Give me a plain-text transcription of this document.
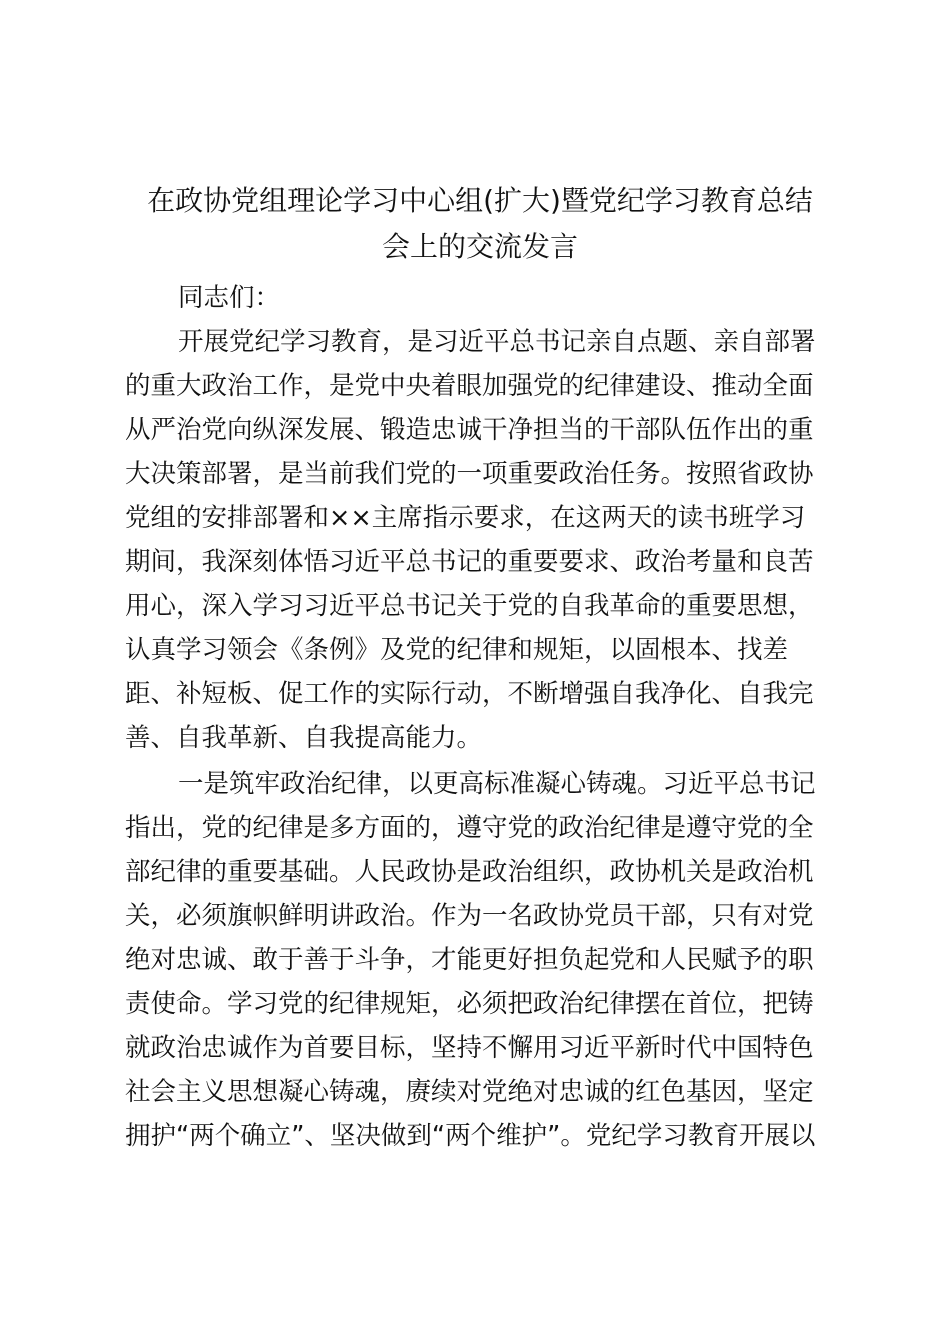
在政协党组理论学习中心组(扩大)暨党纪学习教育总结
会上的交流发言

同志们：

开展党纪学习教育，是习近平总书记亲自点题、亲自部署

的重大政治工作，是党中央着眼加强党的纪律建设、推动全面

从严治党向纵深发展、锻造忠诚干净担当的干部队伍作出的重

大决策部署，是当前我们党的一项重要政治任务。按照省政协

党组的安排部署和××主席指示要求，在这两天的读书班学习

期间，我深刻体悟习近平总书记的重要要求、政治考量和良苦

用心，深入学习习近平总书记关于党的自我革命的重要思想，

认真学习领会《条例》及党的纪律和规矩，以固根本、找差

距、补短板、促工作的实际行动，不断增强自我净化、自我完

善、自我革新、自我提高能力。

一是筑牢政治纪律，以更高标准凝心铸魂。习近平总书记

指出，党的纪律是多方面的，遵守党的政治纪律是遵守党的全

部纪律的重要基础。人民政协是政治组织，政协机关是政治机

关，必须旗帜鲜明讲政治。作为一名政协党员干部，只有对党

绝对忠诚、敢于善于斗争，才能更好担负起党和人民赋予的职

责使命。学习党的纪律规矩，必须把政治纪律摆在首位，把铸

就政治忠诚作为首要目标，坚持不懈用习近平新时代中国特色

社会主义思想凝心铸魂，赓续对党绝对忠诚的红色基因，坚定

拥护“两个确立”、坚决做到“两个维护”。党纪学习教育开展以
